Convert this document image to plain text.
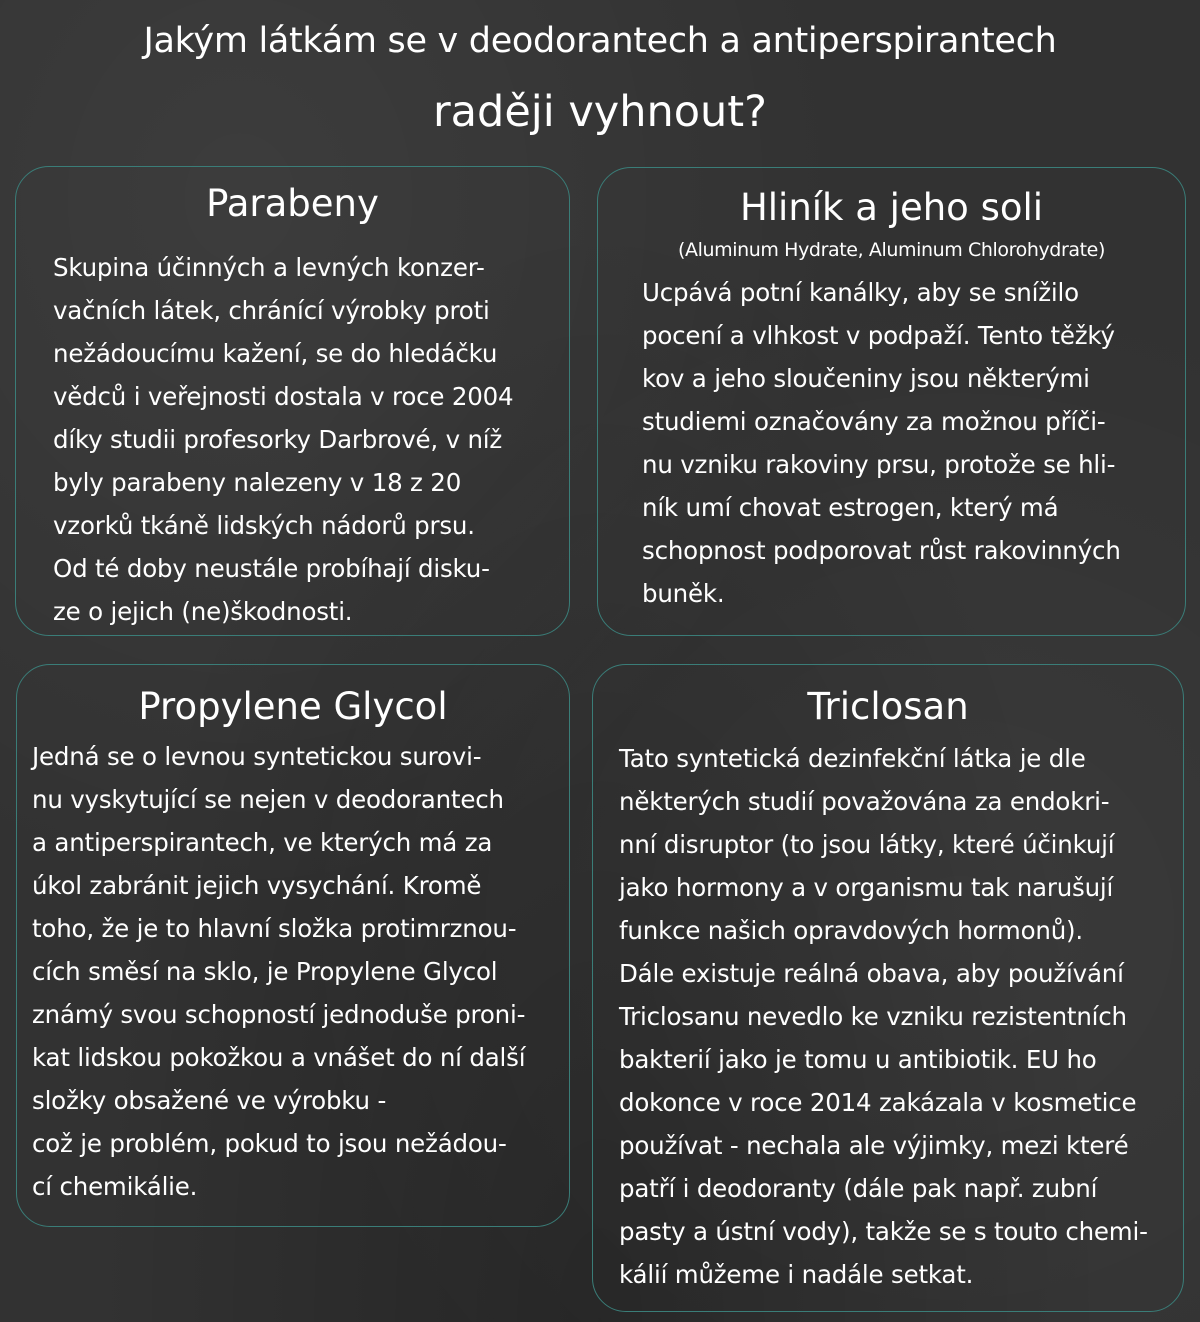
Jakým látkám se v deodorantech a antiperspirantech
raději vyhnout?
Parabeny

Skupina účinných a levných konzer-
vačních látek, chránící výrobky proti
nežádoucímu kažení, se do hledáčku
vědců i veřejnosti dostala v roce 2004
díky studii profesorky Darbrové, v níž
byly parabeny nalezeny v 18 z 20
vzorků tkáně lidských nádorů prsu.
Od té doby neustále probíhají disku-
ze o jejich (ne)škodnosti.

Hliník a jeho soli
(Aluminum Hydrate, Aluminum Chlorohydrate)

Ucpává potní kanálky, aby se snížilo
pocení a vlhkost v podpaží. Tento těžký
kov a jeho sloučeniny jsou některými
studiemi označovány za možnou příči-
nu vzniku rakoviny prsu, protože se hli-
ník umí chovat estrogen, který má
schopnost podporovat růst rakovinných
buněk.

Propylene Glycol

Jedná se o levnou syntetickou surovi-
nu vyskytující se nejen v deodorantech
a antiperspirantech, ve kterých má za
úkol zabránit jejich vysychání. Kromě
toho, že je to hlavní složka protimrznou-
cích směsí na sklo, je Propylene Glycol
známý svou schopností jednoduše proni-
kat lidskou pokožkou a vnášet do ní další
složky obsažené ve výrobku -
což je problém, pokud to jsou nežádou-
cí chemikálie.

Triclosan

Tato syntetická dezinfekční látka je dle
některých studií považována za endokri-
nní disruptor (to jsou látky, které účinkují
jako hormony a v organismu tak narušují
funkce našich opravdových hormonů).
Dále existuje reálná obava, aby používání
Triclosanu nevedlo ke vzniku rezistentních
bakterií jako je tomu u antibiotik. EU ho
dokonce v roce 2014 zakázala v kosmetice
používat - nechala ale výjimky, mezi které
patří i deodoranty (dále pak např. zubní
pasty a ústní vody), takže se s touto chemi-
kálií můžeme i nadále setkat.
